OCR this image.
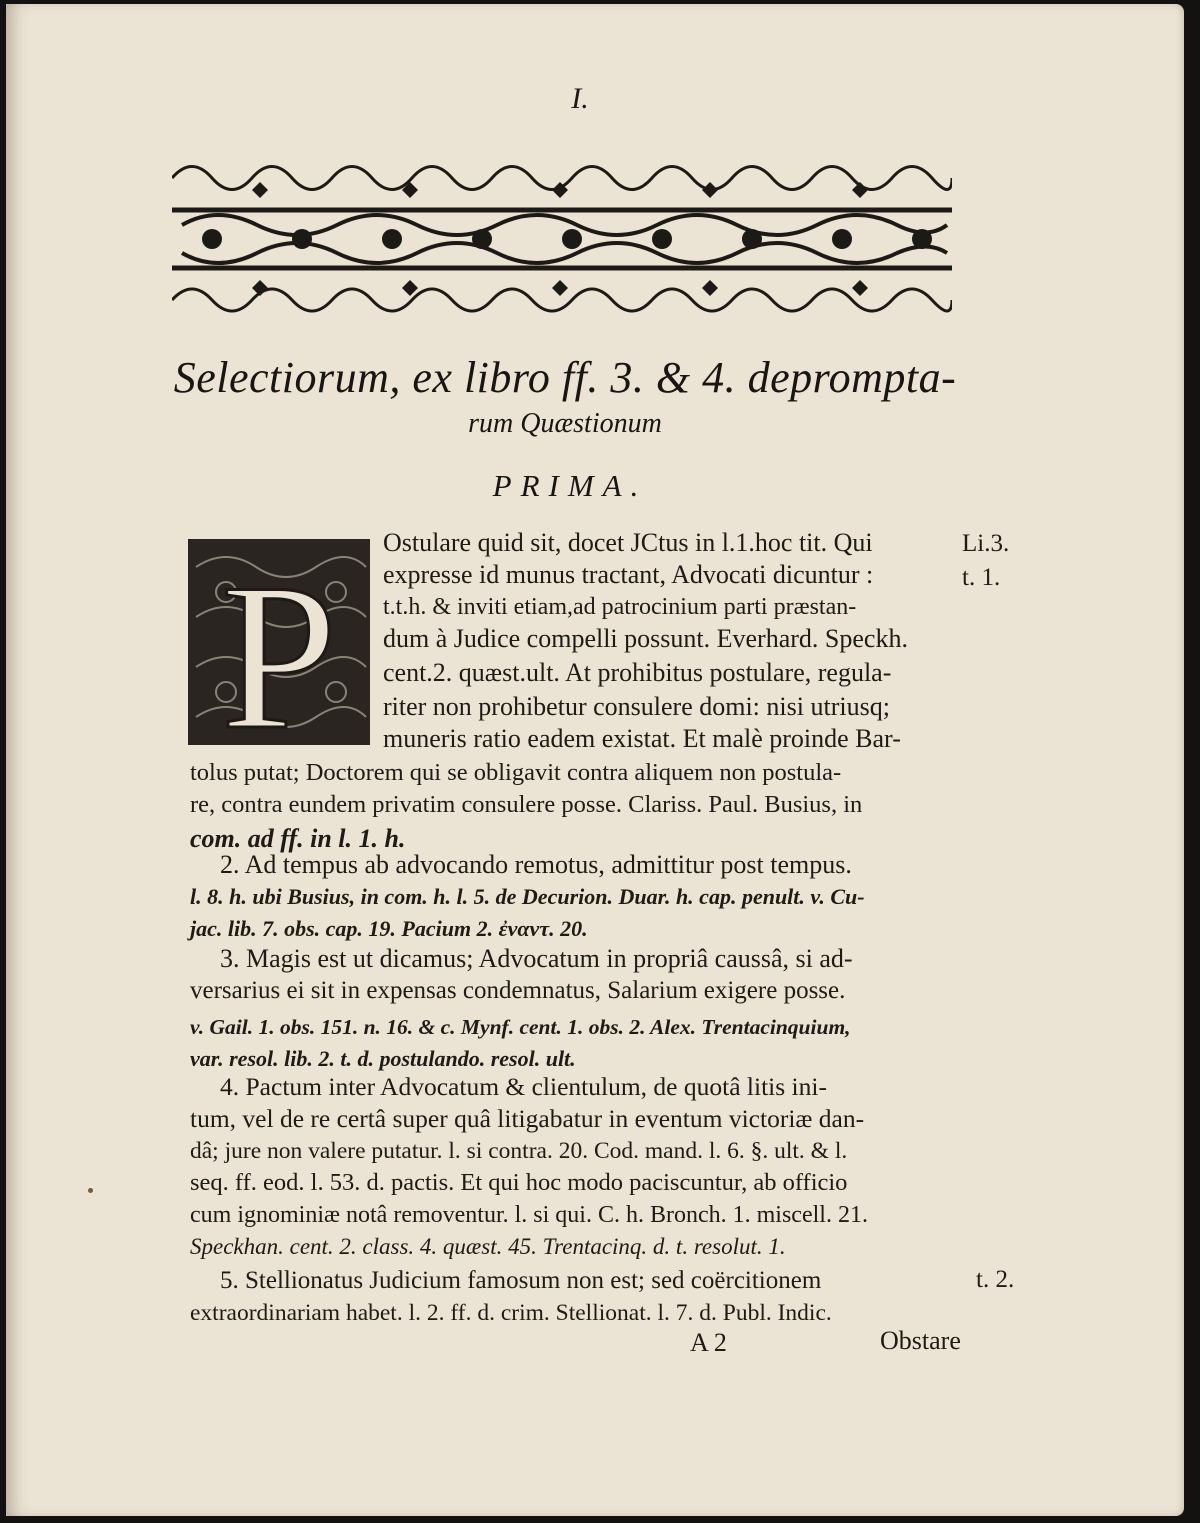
I.
Selectiorum, ex libro ff. 3. & 4. deprompta-
rum Quæstionum
PRIMA.
P Ostulare quid sit, docet JCtus in l.1.hoc tit. Qui
expresse id munus tractant, Advocati dicuntur :
t.t.h. & inviti etiam,ad patrocinium parti præstan-
dum à Judice compelli possunt. Everhard. Speckh.
cent.2. quæst.ult. At prohibitus postulare, regula-
riter non prohibetur consulere domi: nisi utriusq;
muneris ratio eadem existat. Et malè proinde Bar-
tolus putat; Doctorem qui se obligavit contra aliquem non postula-
re, contra eundem privatim consulere posse. Clariss. Paul. Busius, in
com. ad ff. in l. 1. h.
2. Ad tempus ab advocando remotus, admittitur post tempus.
l. 8. h. ubi Busius, in com. h. l. 5. de Decurion. Duar. h. cap. penult. v. Cu-
jac. lib. 7. obs. cap. 19. Pacium 2. ἐναντ. 20.
3. Magis est ut dicamus; Advocatum in propriâ caussâ, si ad-
versarius ei sit in expensas condemnatus, Salarium exigere posse.
v. Gail. 1. obs. 151. n. 16. & c. Mynf. cent. 1. obs. 2. Alex. Trentacinquium,
var. resol. lib. 2. t. d. postulando. resol. ult.
4. Pactum inter Advocatum & clientulum, de quotâ litis ini-
tum, vel de re certâ super quâ litigabatur in eventum victoriæ dan-
dâ; jure non valere putatur. l. si contra. 20. Cod. mand. l. 6. §. ult. & l.
seq. ff. eod. l. 53. d. pactis. Et qui hoc modo paciscuntur, ab officio
cum ignominiæ notâ removentur. l. si qui. C. h. Bronch. 1. miscell. 21.
Speckhan. cent. 2. class. 4. quæst. 45. Trentacinq. d. t. resolut. 1.
5. Stellionatus Judicium famosum non est; sed coërcitionem
extraordinariam habet. l. 2. ff. d. crim. Stellionat. l. 7. d. Publ. Indic.
Li.3.
t. 1.
t. 2.
A 2	Obstare
